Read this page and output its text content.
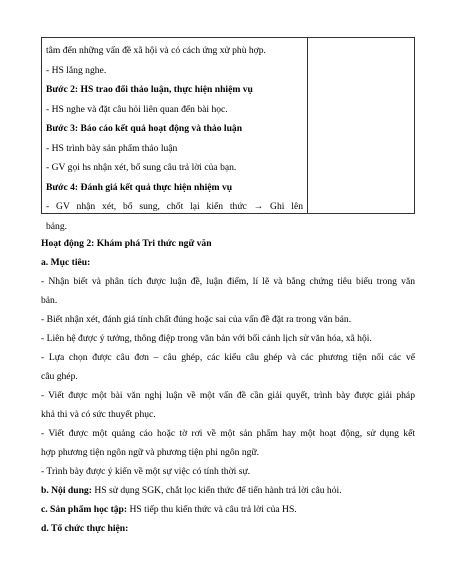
tâm đến những vấn đề xã hội và có cách ứng xử phù hợp.
- HS lắng nghe.
Bước 2: HS trao đổi thảo luận, thực hiện nhiệm vụ
- HS nghe và đặt câu hỏi liên quan đến bài học.
Bước 3: Báo cáo kết quả hoạt động và thảo luận
- HS trình bày sản phẩm thảo luận
- GV gọi hs nhận xét, bổ sung câu trả lời của bạn.
Bước 4: Đánh giá kết quả thực hiện nhiệm vụ
- GV nhận xét, bổ sung, chốt lại kiến thức → Ghi lên
bảng.
Hoạt động 2: Khám phá Tri thức ngữ văn
a. Mục tiêu:
- Nhận biết và phân tích được luận đề, luận điểm, lí lẽ và bằng chứng tiêu biểu trong văn
bản.
- Biết nhận xét, đánh giá tính chất đúng hoặc sai của vấn đề đặt ra trong văn bản.
- Liên hệ được ý tưởng, thông điệp trong văn bản với bối cảnh lịch sử văn hóa, xã hội.
- Lựa chọn được câu đơn – câu ghép, các kiểu câu ghép và các phương tiện nối các vế
câu ghép.
- Viết được một bài văn nghị luận về một vấn đề cần giải quyết, trình bày được giải pháp
khả thi và có sức thuyết phục.
- Viết được một quảng cáo hoặc tờ rơi về một sản phẩm hay một hoạt động, sử dụng kết
hợp phương tiện ngôn ngữ và phương tiện phi ngôn ngữ.
- Trình bày được ý kiến về một sự việc có tính thời sự.
b. Nội dung: HS sử dụng SGK, chắt lọc kiến thức để tiến hành trả lời câu hỏi.
c. Sản phẩm học tập: HS tiếp thu kiến thức và câu trả lời của HS.
d. Tổ chức thực hiện:
